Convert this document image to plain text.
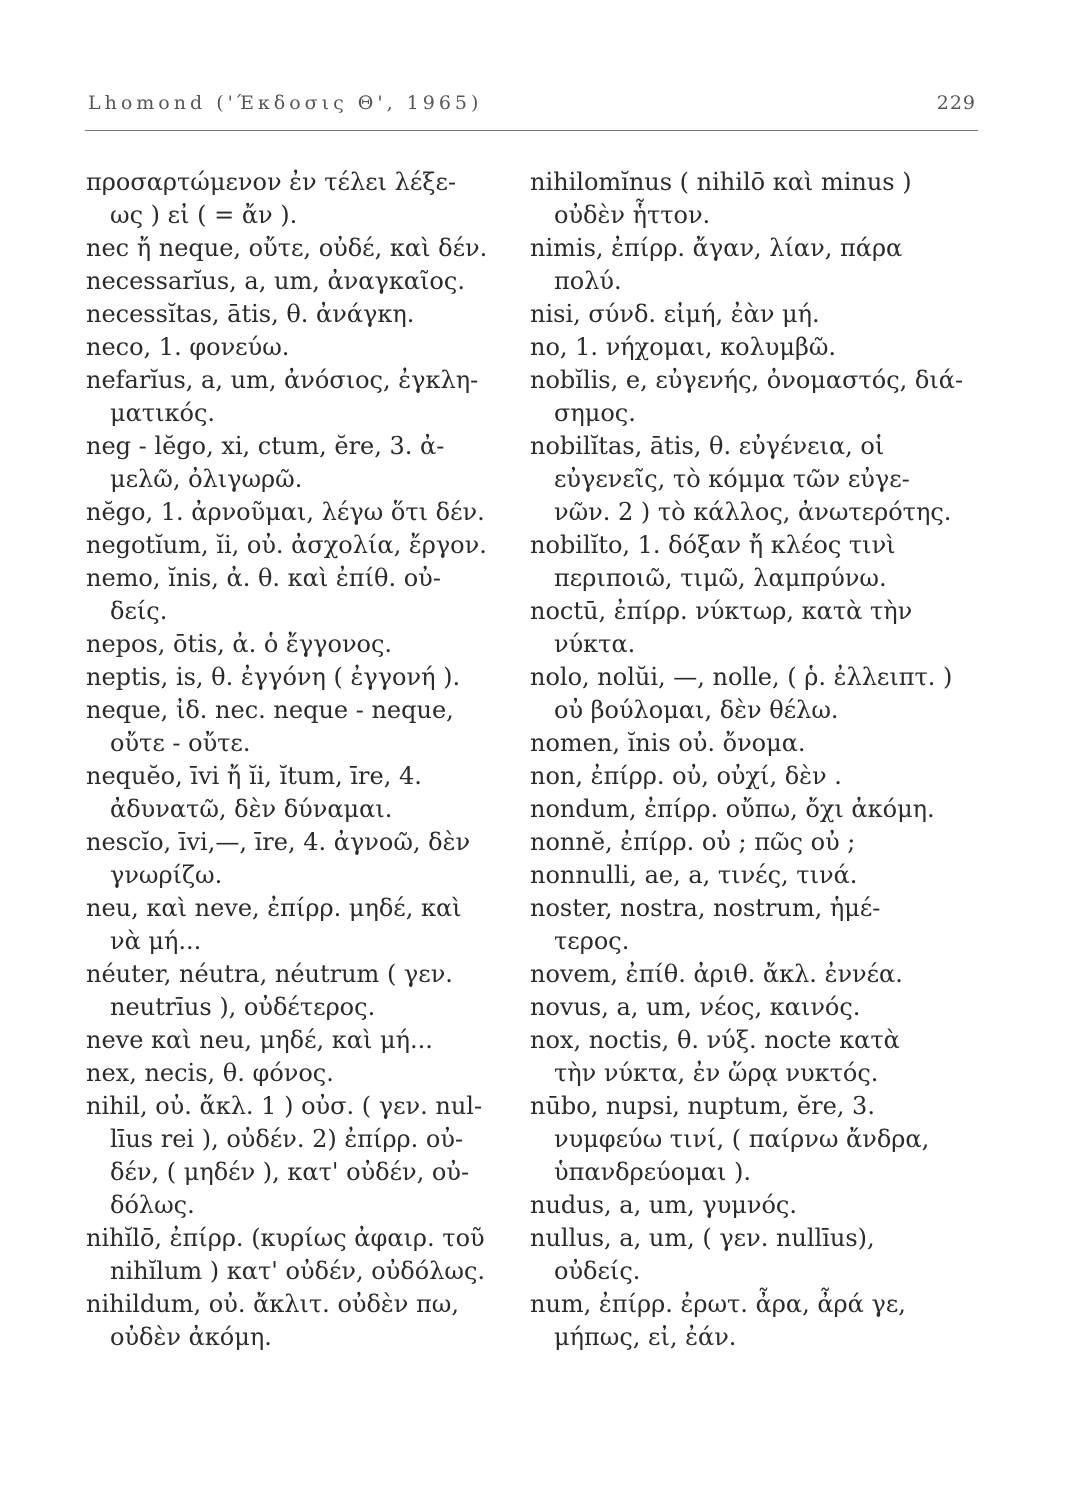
Lhomond ('Έκδοσις Θ', 1965)	229
προσαρτώμενον ἐν τέλει λέξε-
ως ) εἰ ( = ἄν ).
nec ἤ neque, οὔτε, οὐδέ, καὶ δέν.
necessarĭus, a, um, ἀναγκαῖος.
necessĭtas, ātis, θ. ἀνάγκη.
neco, 1. φονεύω.
nefarĭus, a, um, ἀνόσιος, ἐγκλη-
ματικός.
neg - lĕgo, xi, ctum, ĕre, 3. ἀ-
μελῶ, ὀλιγωρῶ.
nĕgo, 1. ἀρνοῦμαι, λέγω ὅτι δέν.
negotĭum, ĭi, οὐ. ἀσχολία, ἔργον.
nemo, ĭnis, ἀ. θ. καὶ ἐπίθ. οὐ-
δείς.
nepos, ōtis, ἀ. ὁ ἔγγονος.
neptis, is, θ. ἐγγόνη ( ἐγγονή ).
neque, ἰδ. nec. neque - neque,
οὔτε - οὔτε.
nequĕo, īvi ἤ ĭi, ĭtum, īre, 4.
ἀδυνατῶ, δὲν δύναμαι.
nescĭo, īvi,—, īre, 4. ἀγνοῶ, δὲν
γνωρίζω.
neu, καὶ neve, ἐπίρρ. μηδέ, καὶ
νὰ μή...
néuter, néutra, néutrum ( γεν.
neutrīus ), οὐδέτερος.
neve καὶ neu, μηδέ, καὶ μή...
nex, necis, θ. φόνος.
nihil, οὐ. ἄκλ. 1 ) οὐσ. ( γεν. nul-
līus rei ), οὐδέν. 2) ἐπίρρ. οὐ-
δέν, ( μηδέν ), κατ' οὐδέν, οὐ-
δόλως.
nihĭlō, ἐπίρρ. (κυρίως ἀφαιρ. τοῦ
nihĭlum ) κατ' οὐδέν, οὐδόλως.
nihildum, οὐ. ἄκλιτ. οὐδὲν πω,
οὐδὲν ἀκόμη.
nihilomĭnus ( nihilō καὶ minus )
οὐδὲν ἧττον.
nimis, ἐπίρρ. ἄγαν, λίαν, πάρα
πολύ.
nisi, σύνδ. εἰμή, ἐὰν μή.
no, 1. νήχομαι, κολυμβῶ.
nobĭlis, e, εὐγενής, ὀνομαστός, διά-
σημος.
nobilĭtas, ātis, θ. εὐγένεια, οἱ
εὐγενεῖς, τὸ κόμμα τῶν εὐγε-
νῶν. 2 ) τὸ κάλλος, ἀνωτερότης.
nobilĭto, 1. δόξαν ἤ κλέος τινὶ
περιποιῶ, τιμῶ, λαμπρύνω.
noctū, ἐπίρρ. νύκτωρ, κατὰ τὴν
νύκτα.
nolo, nolŭi, —, nolle, ( ῥ. ἐλλειπτ. )
οὐ βούλομαι, δὲν θέλω.
nomen, ĭnis οὐ. ὄνομα.
non, ἐπίρρ. οὐ, οὐχί, δὲν .
nondum, ἐπίρρ. οὔπω, ὄχι ἀκόμη.
nonnĕ, ἐπίρρ. οὐ ; πῶς οὐ ;
nonnulli, ae, a, τινές, τινά.
noster, nostra, nostrum, ἡμέ-
τερος.
novem, ἐπίθ. ἀριθ. ἄκλ. ἐννέα.
novus, a, um, νέος, καινός.
nox, noctis, θ. νύξ. nocte κατὰ
τὴν νύκτα, ἐν ὥρᾳ νυκτός.
nūbo, nupsi, nuptum, ĕre, 3.
νυμφεύω τινί, ( παίρνω ἄνδρα,
ὑπανδρεύομαι ).
nudus, a, um, γυμνός.
nullus, a, um, ( γεν. nullīus),
οὐδείς.
num, ἐπίρρ. ἐρωτ. ἆρα, ἆρά γε,
μήπως, εἰ, ἐάν.
